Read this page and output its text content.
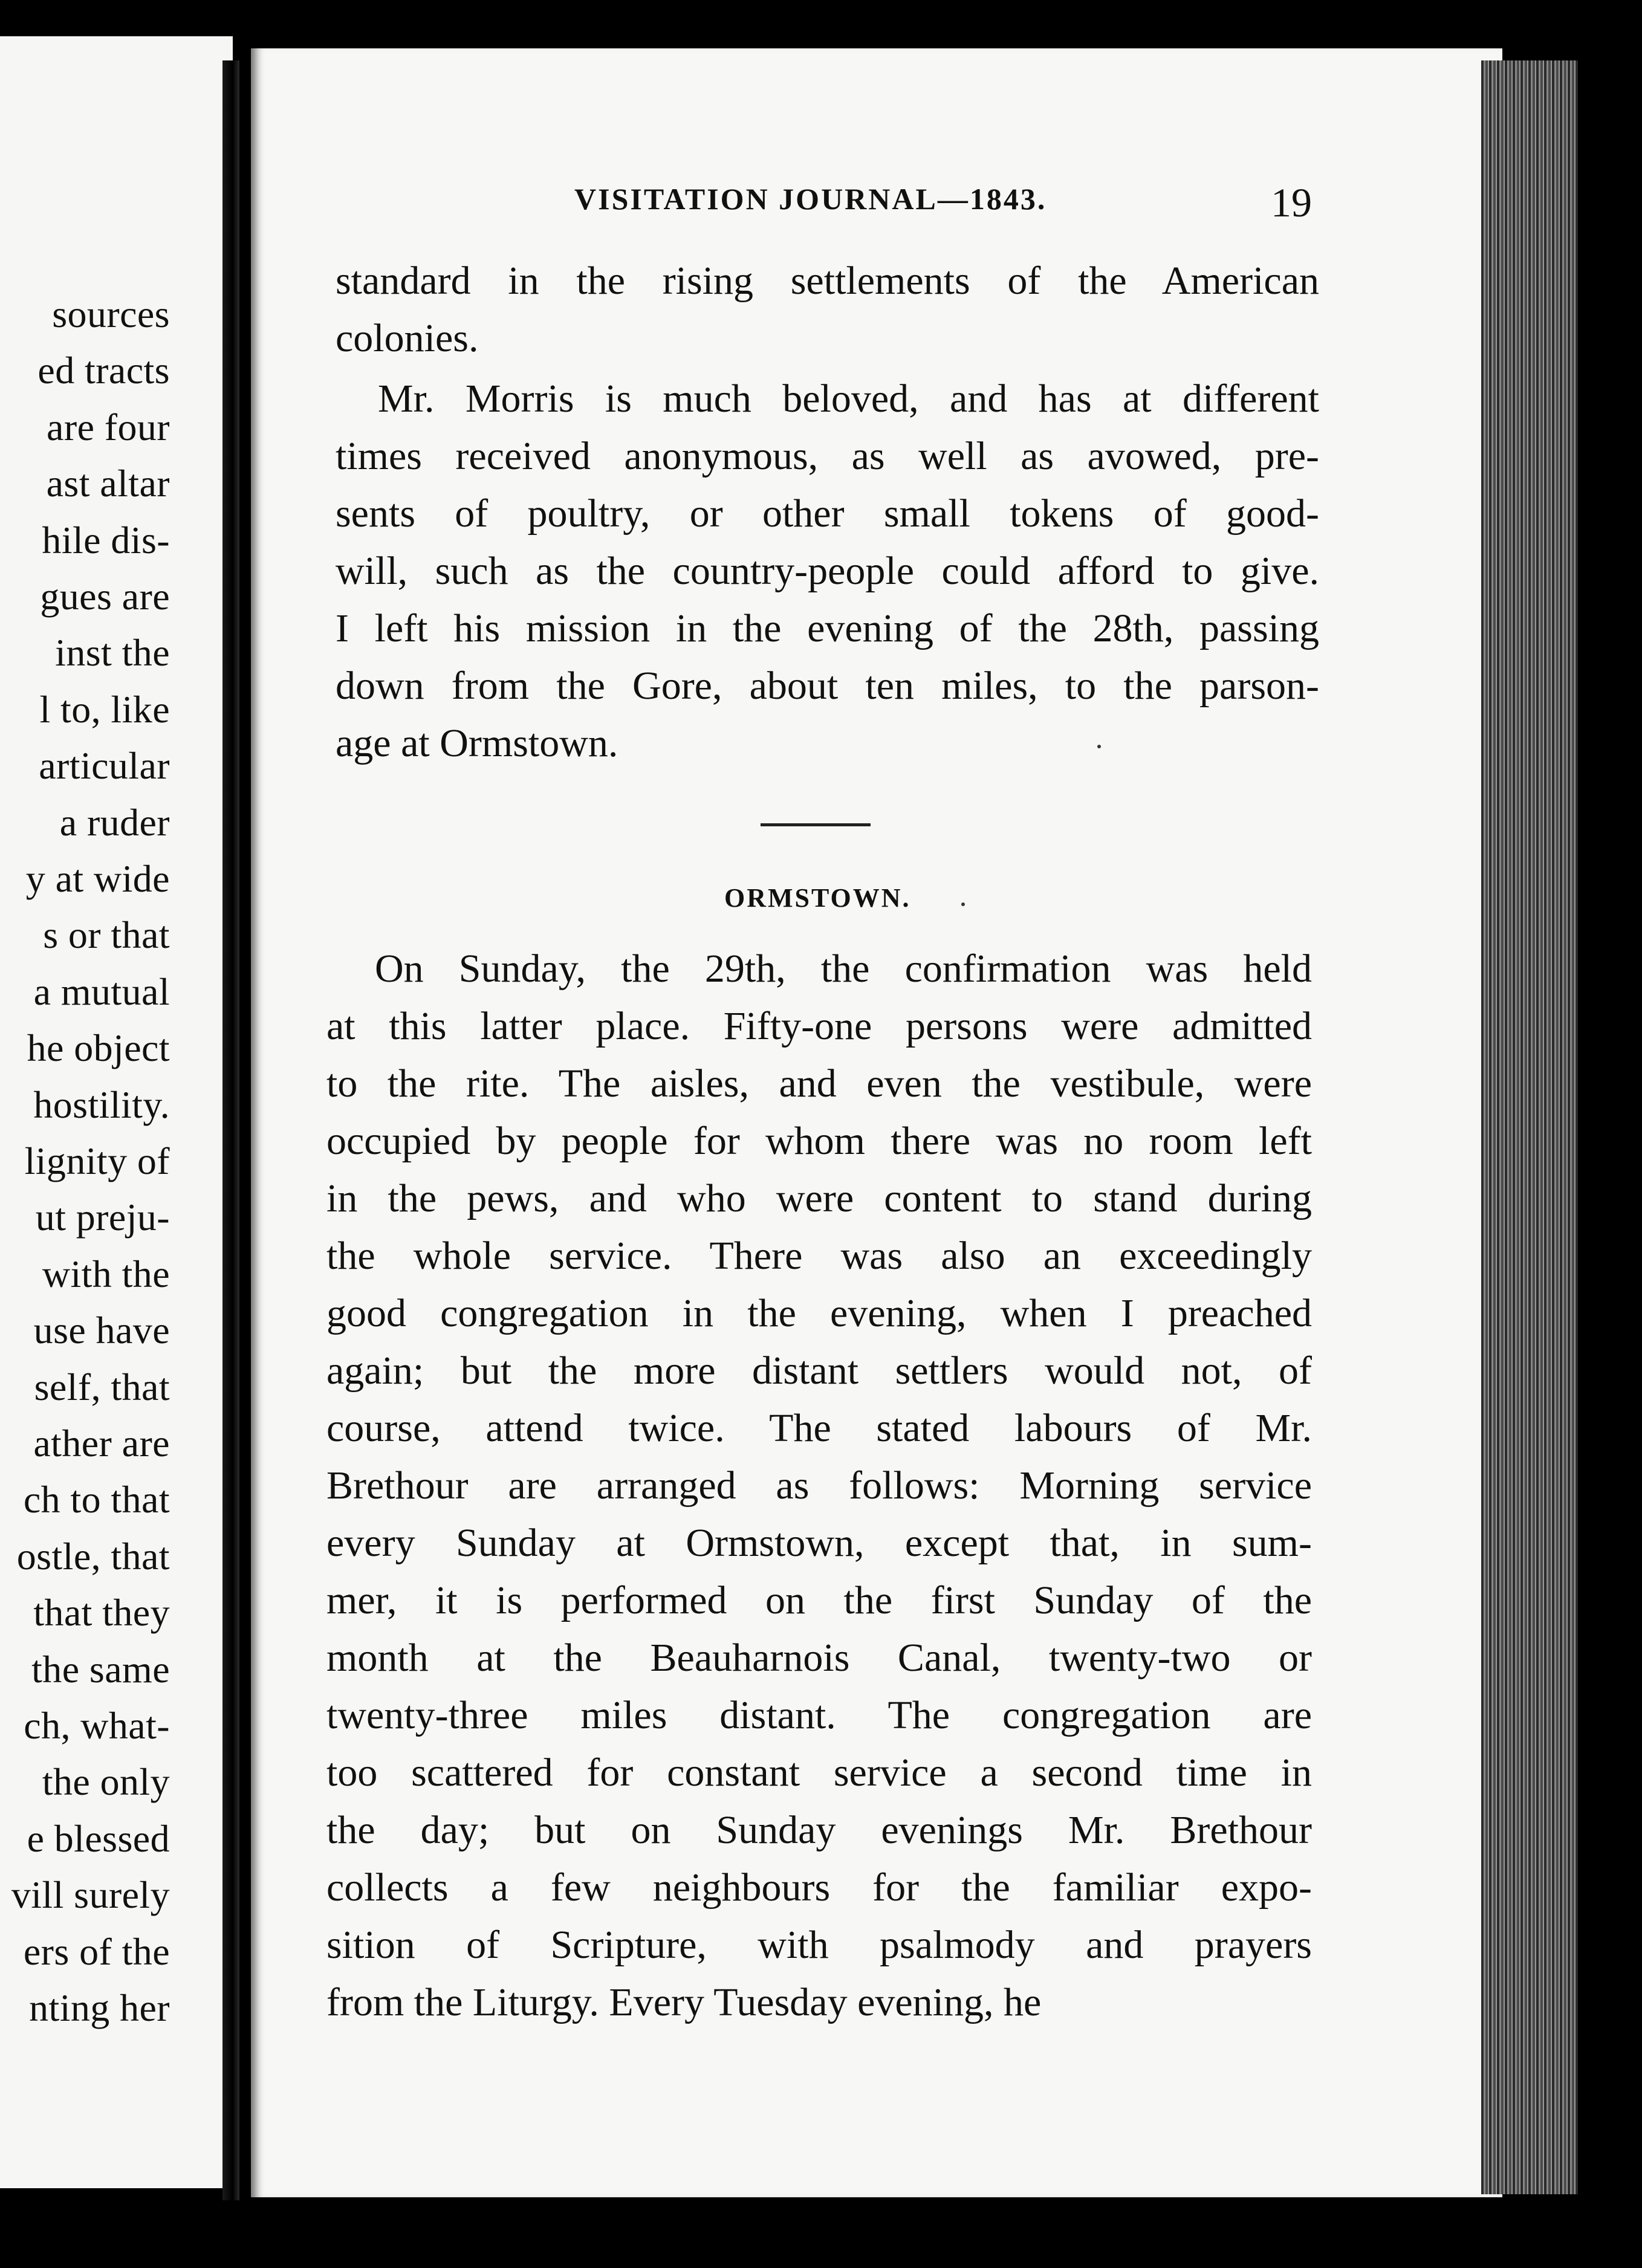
sources
ed tracts
are four
ast altar
hile dis-
gues are
inst the
l to, like
articular
a ruder
y at wide
s or that
a mutual
he object
hostility.
lignity of
ut preju-
with the
use have
self, that
ather are
ch to that
ostle, that
that they
the same
ch, what-
the only
e blessed
vill surely
ers of the
nting her
VISITATION JOURNAL—1843.	19
standard in the rising settlements of the American
colonies.
Mr. Morris is much beloved, and has at different
times received anonymous, as well as avowed, pre-
sents of poultry, or other small tokens of good-
will, such as the country-people could afford to give.
I left his mission in the evening of the 28th, passing
down from the Gore, about ten miles, to the parson-
age at Ormstown.
On Sunday, the 29th, the confirmation was held
at this latter place. Fifty-one persons were admitted
to the rite. The aisles, and even the vestibule, were
occupied by people for whom there was no room left
in the pews, and who were content to stand during
the whole service. There was also an exceedingly
good congregation in the evening, when I preached
again; but the more distant settlers would not, of
course, attend twice. The stated labours of Mr.
Brethour are arranged as follows: Morning service
every Sunday at Ormstown, except that, in sum-
mer, it is performed on the first Sunday of the
month at the Beauharnois Canal, twenty-two or
twenty-three miles distant. The congregation are
too scattered for constant service a second time in
the day; but on Sunday evenings Mr. Brethour
collects a few neighbours for the familiar expo-
sition of Scripture, with psalmody and prayers
from the Liturgy. Every Tuesday evening, he
ORMSTOWN.
